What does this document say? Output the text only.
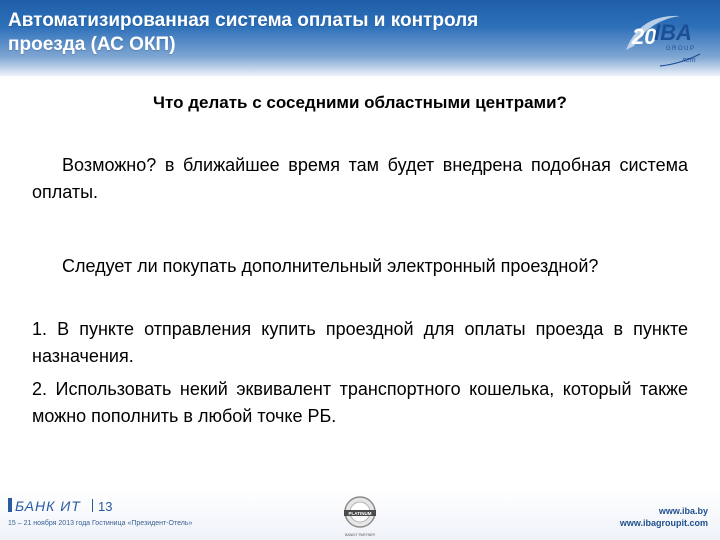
Автоматизированная система оплаты и контроля
проезда (АС ОКП)	20
IBA
GROUP
лет
Что делать с соседними областными центрами?
Возможно? в ближайшее время там будет внедрена подобная система оплаты.
Следует ли покупать дополнительный электронный проездной?
1. В пункте отправления купить проездной для оплаты проезда в пункте назначения.
2. Использовать некий эквивалент транспортного кошелька, который также можно пополнить в любой точке РБ.
БАНК ИТ 13
15 – 21 ноября 2013 года Гостиница «Президент-Отель»
PLATINUM
BANKIT PARTNER
www.iba.by
www.ibagroupit.com
